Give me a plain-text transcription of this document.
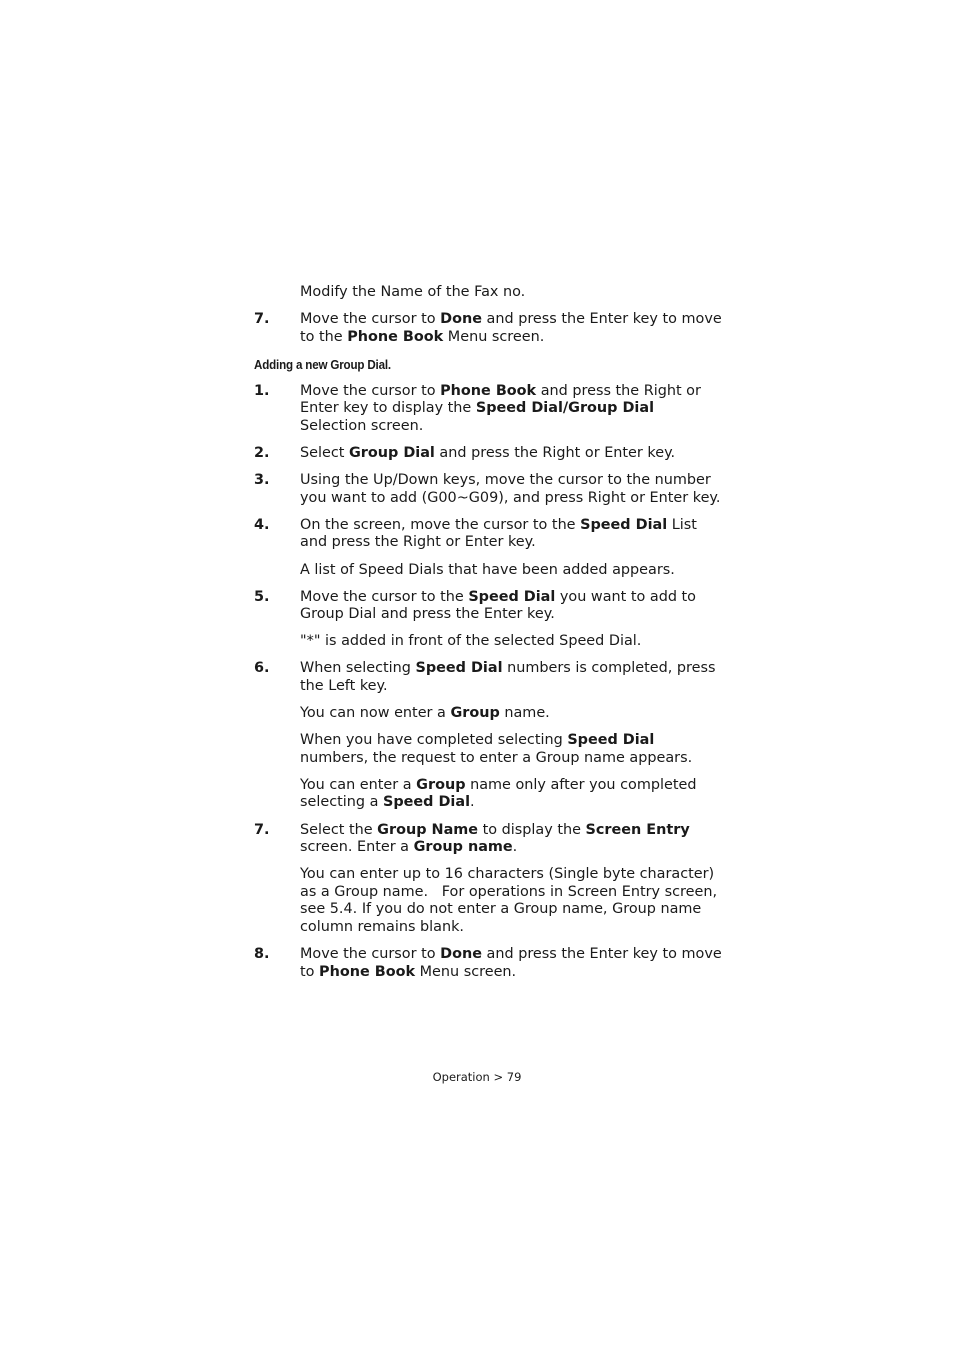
Modify the Name of the Fax no.

7.	Move the cursor to Done and press the Enter key to move to the Phone Book Menu screen.
Adding a new Group Dial.
1.	Move the cursor to Phone Book and press the Right or Enter key to display the Speed Dial/Group Dial Selection screen.
2.	Select Group Dial and press the Right or Enter key.
3.	Using the Up/Down keys, move the cursor to the number you want to add (G00~G09), and press Right or Enter key.
4.	On the screen, move the cursor to the Speed Dial List and press the Right or Enter key.

A list of Speed Dials that have been added appears.

5.	Move the cursor to the Speed Dial you want to add to Group Dial and press the Enter key.

"*" is added in front of the selected Speed Dial.

6.	When selecting Speed Dial numbers is completed, press the Left key.

You can now enter a Group name.

When you have completed selecting Speed Dial numbers, the request to enter a Group name appears.

You can enter a Group name only after you completed selecting a Speed Dial.

7.	Select the Group Name to display the Screen Entry screen. Enter a Group name.

You can enter up to 16 characters (Single byte character) as a Group name.   For operations in Screen Entry screen, see 5.4. If you do not enter a Group name, Group name column remains blank.

8.	Move the cursor to Done and press the Enter key to move to Phone Book Menu screen.
Operation > 79
